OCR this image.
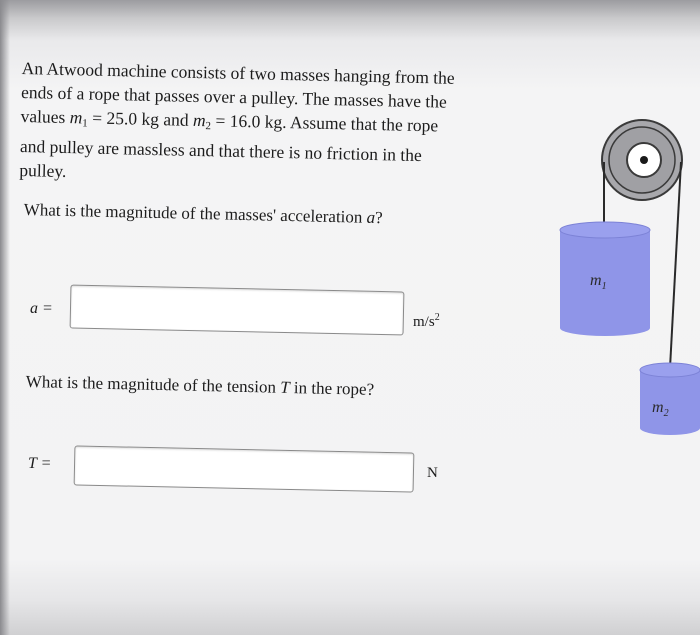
An Atwood machine consists of two masses hanging from the ends of a rope that passes over a pulley. The masses have the values $m_1 = 25.0$ kg and $m_2 = 16.0$ kg. Assume that the rope and pulley are massless and that there is no friction in the pulley.

What is the magnitude of the masses' acceleration a?

a =
$m/s^2$

What is the magnitude of the tension T in the rope?

T =
N
$m_1$
$m_2$
